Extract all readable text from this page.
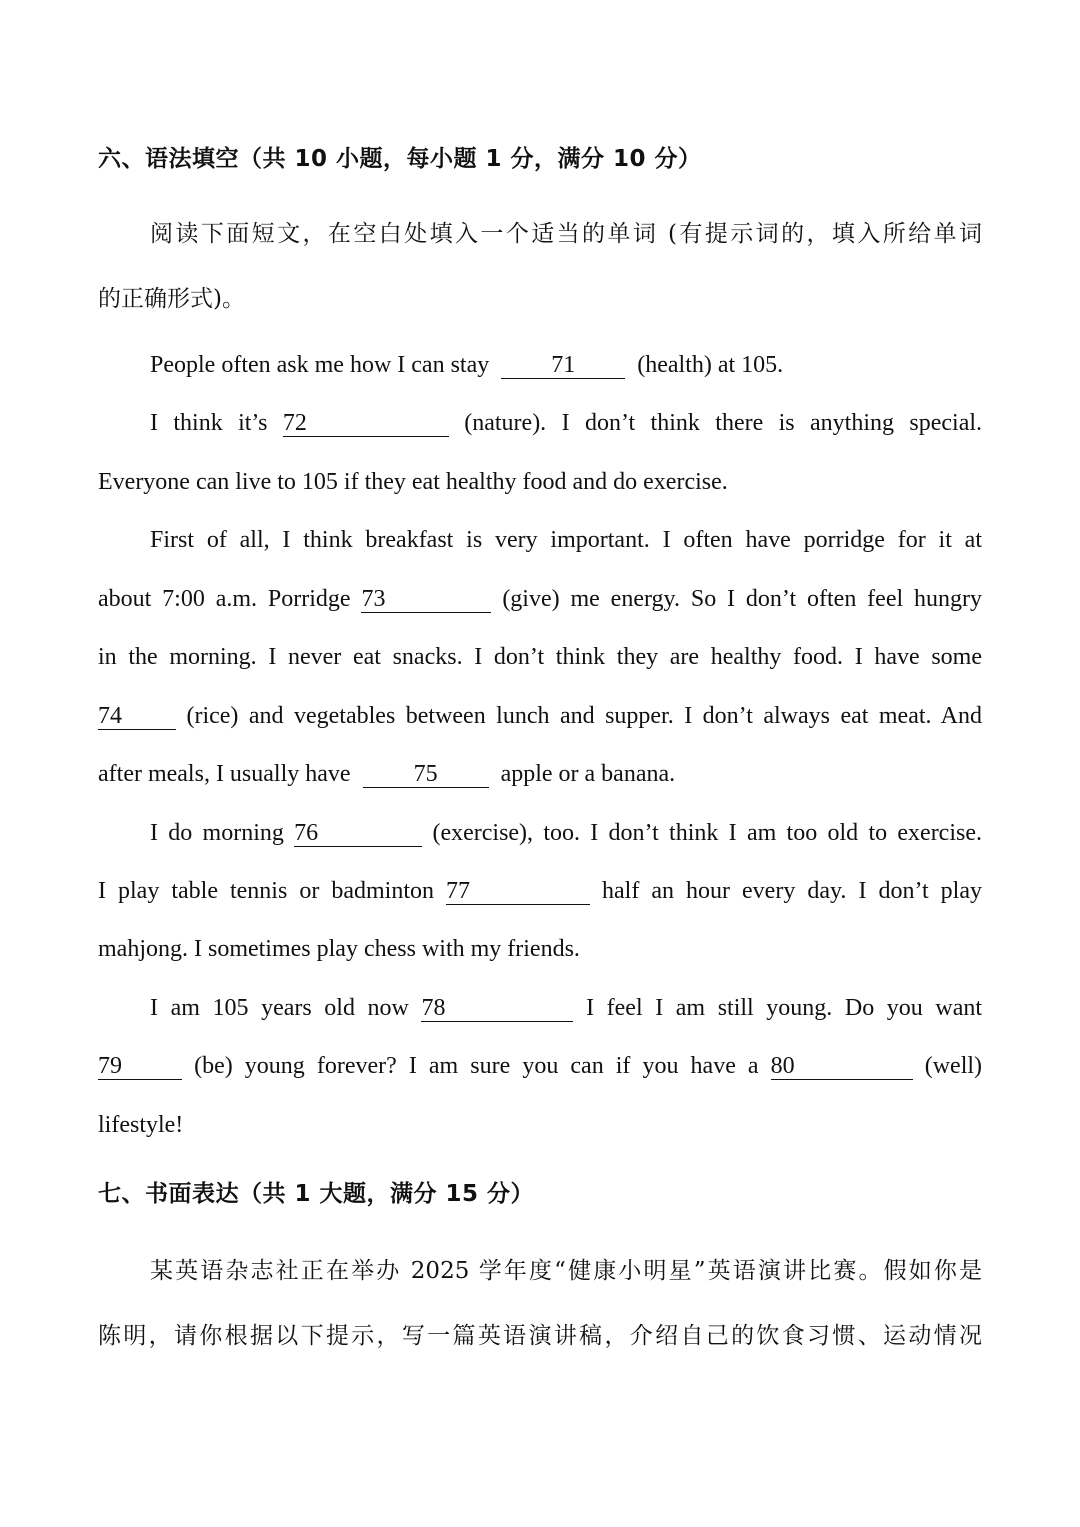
六、语法填空（共 10 小题，每小题 1 分，满分 10 分）
阅读下面短文，在空白处填入一个适当的单词 (有提示词的，填入所给单词
的正确形式)。
People often ask me how I can stay	71	(health) at 105.
I think it’s 72	(nature). I don’t think there is anything special.
Everyone can live to 105 if they eat healthy food and do exercise.
First of all, I think breakfast is very important. I often have porridge for it at
about 7:00 a.m. Porridge 73	(give) me energy. So I don’t often feel hungry
in the morning. I never eat snacks. I don’t think they are healthy food. I have some
74	(rice) and vegetables between lunch and supper. I don’t always eat meat. And
after meals, I usually have	75	apple or a banana.
I do morning 76	(exercise), too. I don’t think I am too old to exercise.
I play table tennis or badminton 77	half an hour every day. I don’t play
mahjong. I sometimes play chess with my friends.
I am 105 years old now 78	I feel I am still young. Do you want
79	(be) young forever? I am sure you can if you have a 80	(well)
lifestyle!
七、书面表达（共 1 大题，满分 15 分）
某英语杂志社正在举办 2025 学年度“健康小明星”英语演讲比赛。假如你是
陈明，请你根据以下提示，写一篇英语演讲稿，介绍自己的饮食习惯、运动情况
